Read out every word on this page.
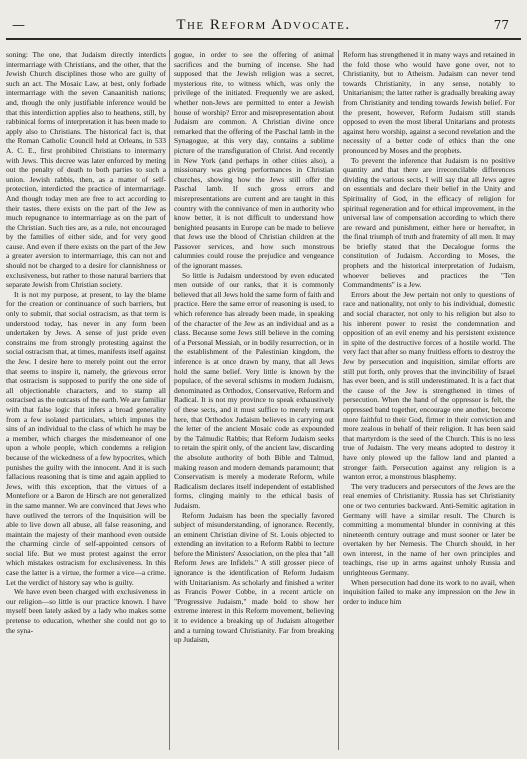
—	The Reform Advocate.	77

soning: The one, that Judaism directly interdicts intermarriage with Christians, and the other, that the Jewish Church disciplines those who are guilty of such an act. The Mosaic Law, at best, only forbade intermarriage with the seven Canaanitish nations; and, though the only justifiable inference would be that this interdiction applies also to heathens, still, by rabbinical forms of interpretation it has been made to apply also to Christians. The historical fact is, that the Roman Catholic Council held at Orleans, in 533 A. C. E., first prohibited Christians to intermarry with Jews. This decree was later enforced by meting out the penalty of death to both parties to such a union. Jewish rabbis, then, as a matter of self-protection, interdicted the practice of intermarriage. And though today men are free to act according to their tastes, there exists on the part of the Jew as much repugnance to intermarriage as on the part of the Christian. Such ties are, as a rule, not encouraged by the families of either side, and for very good cause. And even if there exists on the part of the Jew a greater aversion to intermarriage, this can not and should not be charged to a desire for clannishness or exclusiveness, but rather to those natural barriers that separate Jewish from Christian society.

It is not my purpose, at present, to lay the blame for the creation or continuance of such barriers, but only to submit, that social ostracism, as that term is understood today, has never in any form been undertaken by Jews. A sense of just pride even constrains me from strongly protesting against the social ostracism that, at times, manifests itself against the Jew. I desire here to merely point out the error that seems to inspire it, namely, the grievous error that ostracism is supposed to purify the one side of all objectionable characters, and to stamp all ostracised as the outcasts of the earth. We are familiar with that false logic that infers a broad generality from a few isolated particulars, which imputes the sins of an individual to the class of which he may be a member, which charges the misdemeanor of one upon a whole people, which condemns a religion because of the wickedness of a few hypocrites, which punishes the guilty with the innocent. And it is such fallacious reasoning that is time and again applied to Jews, with this exception, that the virtues of a Montefiore or a Baron de Hirsch are not generalized in the same manner. We are convinced that Jews who have outlived the terrors of the Inquisition will be able to live down all abuse, all false reasoning, and maintain the majesty of their manhood even outside the charming circle of self-appointed censors of social life. But we must protest against the error which mistakes ostracism for exclusiveness. In this case the latter is a virtue, the former a vice—a crime. Let the verdict of history say who is guilty.

We have even been charged with exclusiveness in our religion—so little is our practice known. I have myself been lately asked by a lady who makes some pretense to education, whether she could not go to the syna-

gogue, in order to see the offering of animal sacrifices and the burning of incense. She had supposed that the Jewish religion was a secret, mysterious rite, to witness which, was only the privilege of the initiated. Frequently we are asked, whether non-Jews are permitted to enter a Jewish house of worship? Error and misrepresentation about Judaism are common. A Christian divine once remarked that the offering of the Paschal lamb in the Synagogue, at this very day, contains a sublime picture of the transfiguration of Christ. And recently in New York (and perhaps in other cities also), a missionary was giving performances in Christian churches, showing how the Jews still offer the Paschal lamb. If such gross errors and misrepresentations are current and are taught in this country with the connivance of men in authority who know better, it is not difficult to understand how benighted peasants in Europe can be made to believe that Jews use the blood of Christian children at the Passover services, and how such monstrous calumnies could rouse the prejudice and vengeance of the ignorant masses.

So little is Judaism understood by even educated men outside of our ranks, that it is commonly believed that all Jews hold the same form of faith and practice. Here the same error of reasoning is used, to which reference has already been made, in speaking of the character of the Jew as an individual and as a class. Because some Jews still believe in the coming of a Personal Messiah, or in bodily resurrection, or in the establishment of the Palestinian kingdom, the inference is at once drawn by many, that all Jews hold the same belief. Very little is known by the populace, of the several schisms in modern Judaism, denominated as Orthodox, Conservative, Reform and Radical. It is not my province to speak exhaustively of these sects, and it must suffice to merely remark here, that Orthodox Judaism believes in carrying out the letter of the ancient Mosaic code as expounded by the Talmudic Rabbis; that Reform Judaism seeks to retain the spirit only, of the ancient law, discarding the absolute authority of both Bible and Talmud, making reason and modern demands paramount; that Conservatism is merely a moderate Reform, while Radicalism declares itself independent of established forms, clinging mainly to the ethical basis of Judaism.

Reform Judaism has been the specially favored subject of misunderstanding, of ignorance. Recently, an eminent Christian divine of St. Louis objected to extending an invitation to a Reform Rabbi to lecture before the Ministers' Association, on the plea that "all Reform Jews are Infidels." A still grosser piece of ignorance is the identification of Reform Judaism with Unitarianism. As scholarly and finished a writer as Francis Power Cobbe, in a recent article on "Progressive Judaism," made bold to show her extreme interest in this Reform movement, believing it to evidence a breaking up of Judaism altogether and a turning toward Christianity. Far from breaking up Judaism,

Reform has strengthened it in many ways and retained in the fold those who would have gone over, not to Christianity, but to Atheism. Judaism can never tend towards Christianity, in any sense, notably to Unitarianism; the latter rather is gradually breaking away from Christianity and tending towards Jewish belief. For the present, however, Reform Judaism still stands opposed to even the most liberal Unitarians and protests against hero worship, against a second revelation and the necessity of a better code of ethics than the one pronounced by Moses and the prophets.

To prevent the inference that Judaism is no positive quantity and that there are irreconcilable differences dividing the various sects, I will say that all Jews agree on essentials and declare their belief in the Unity and Spirituality of God, in the efficacy of religion for spiritual regeneration and for ethical improvement, in the universal law of compensation according to which there are reward and punishment, either here or hereafter, in the final triumph of truth and fraternity of all men. It may be briefly stated that the Decalogue forms the constitution of Judaism. According to Moses, the prophets and the historical interpretation of Judaism, whoever believes and practices the "Ten Commandments" is a Jew.

Errors about the Jew pertain not only to questions of race and nationality, not only to his individual, domestic and social character, not only to his religion but also to his inherent power to resist the condemnation and opposition of an evil enemy and his persistent existence in spite of the destructive forces of a hostile world. The very fact that after so many fruitless efforts to destroy the Jew by persecution and inquisition, similar efforts are still put forth, only proves that the invincibility of Israel has ever been, and is still underestimated. It is a fact that the cause of the Jew is strengthened in times of persecution. When the hand of the oppressor is felt, the oppressed band together, encourage one another, become more faithful to their God, firmer in their conviction and more zealous in behalf of their religion. It has been said that martyrdom is the seed of the Church. This is no less true of Judaism. The very means adopted to destroy it have only plowed up the fallow land and planted a stronger faith. Persecution against any religion is a wanton error, a monstrous blasphemy.

The very traducers and persecutors of the Jews are the real enemies of Christianity. Russia has set Christianity one or two centuries backward. Anti-Semitic agitation in Germany will have a similar result. The Church is committing a monumental blunder in conniving at this nineteenth century outrage and must sooner or later be overtaken by her Nemesis. The Church should, in her own interest, in the name of her own principles and teachings, rise up in arms against unholy Russia and unrighteous Germany.

When persecution had done its work to no avail, when inquisition failed to make any impression on the Jew in order to induce him
